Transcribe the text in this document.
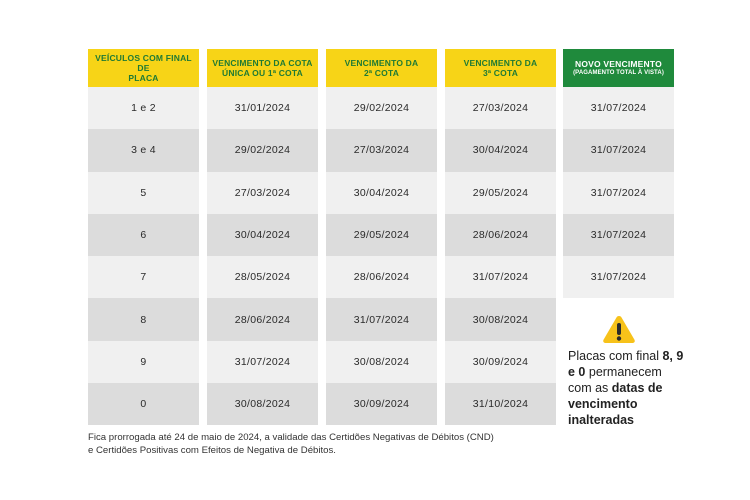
VEÍCULOS COM FINAL DE
PLACA
1 e 2
3 e 4
5
6
7
8
9
0
VENCIMENTO DA COTA
ÚNICA OU 1ª COTA
31/01/2024
29/02/2024
27/03/2024
30/04/2024
28/05/2024
28/06/2024
31/07/2024
30/08/2024
VENCIMENTO DA
2ª COTA
29/02/2024
27/03/2024
30/04/2024
29/05/2024
28/06/2024
31/07/2024
30/08/2024
30/09/2024
VENCIMENTO DA
3ª COTA
27/03/2024
30/04/2024
29/05/2024
28/06/2024
31/07/2024
30/08/2024
30/09/2024
31/10/2024
NOVO VENCIMENTO
(PAGAMENTO TOTAL À VISTA)
31/07/2024
31/07/2024
31/07/2024
31/07/2024
31/07/2024
Placas com final 8, 9 e 0 permanecem com as datas de vencimento inalteradas
Fica prorrogada até 24 de maio de 2024, a validade das Certidões Negativas de Débitos (CND)
e Certidões Positivas com Efeitos de Negativa de Débitos.
